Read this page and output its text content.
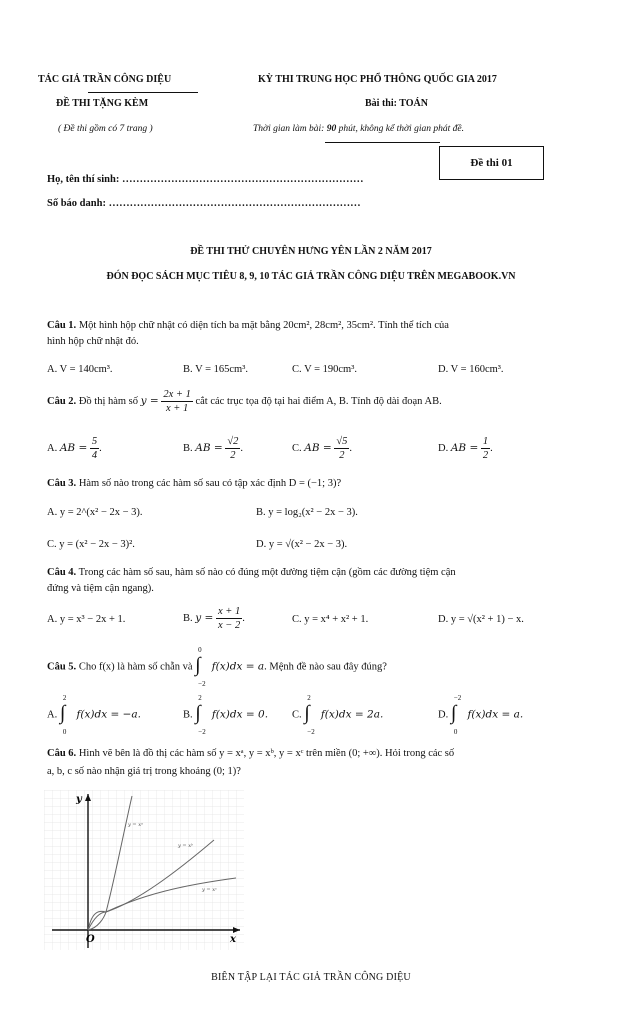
TÁC GIẢ TRẦN CÔNG DIỆU	KỲ THI TRUNG HỌC PHỔ THÔNG QUỐC GIA 2017
ĐỀ THI TẶNG KÈM	Bài thi: TOÁN
( Đề thi gồm có 7 trang )	Thời gian làm bài: 90 phút, không kể thời gian phát đề.
Đề thi 01
Họ, tên thí sinh: ……………………………………………………………
Số báo danh: ………………………………………………………………
ĐỀ THI THỬ CHUYÊN HƯNG YÊN LẦN 2 NĂM 2017
ĐÓN ĐỌC SÁCH MỤC TIÊU 8, 9, 10 TÁC GIẢ TRẦN CÔNG DIỆU TRÊN MEGABOOK.VN
Câu 1. Một hình hộp chữ nhật có diện tích ba mặt bằng 20cm², 28cm², 35cm². Tính thể tích của
hình hộp chữ nhật đó.
A. V = 140cm³.	B. V = 165cm³.	C. V = 190cm³.	D. V = 160cm³.
Câu 2. Đồ thị hàm số $y = \frac{2x + 1}{x + 1}$ cắt các trục tọa độ tại hai điểm A, B. Tính độ dài đoạn AB.
A. AB = $\frac{5}{4}$ .	B. AB = $\frac{√2}{2}$ .	C. AB = $\frac{√5}{2}$ .	D. AB = $\frac{1}{2}$ .
Câu 3. Hàm số nào trong các hàm số sau có tập xác định D = (−1; 3)?
A. y = 2^(x² − 2x − 3).	B. y = log₂(x² − 2x − 3).
C. y = (x² − 2x − 3)².	D. y = √(x² − 2x − 3).
Câu 4. Trong các hàm số sau, hàm số nào có đúng một đường tiệm cận (gồm các đường tiệm cận
đứng và tiệm cận ngang).
A. y = x³ − 2x + 1.	B. $y = \frac{x + 1}{x - 2}$ .	C. y = x⁴ + x² + 1.	D. y = √(x² + 1) − x.
Câu 5. Cho f(x) là hàm số chẵn và ∫
0
−2
f(x)dx = a. Mệnh đề nào sau đây đúng?
A. ∫
2
0
f(x)dx = −a.	B. ∫
2
−2
f(x)dx = 0. C. ∫
2
−2
f(x)dx = 2a.	D. ∫
−2
0
f(x)dx = a.
Câu 6. Hình vẽ bên là đồ thị các hàm số y = xᵃ, y = xᵇ, y = xᶜ trên miền (0; +∞). Hỏi trong các số
a, b, c số nào nhận giá trị trong khoảng (0; 1)?
y
x
O
y = xᵃ
y = xᵇ
y = xᶜ
BIÊN TẬP LẠI TÁC GIẢ TRẦN CÔNG DIỆU
